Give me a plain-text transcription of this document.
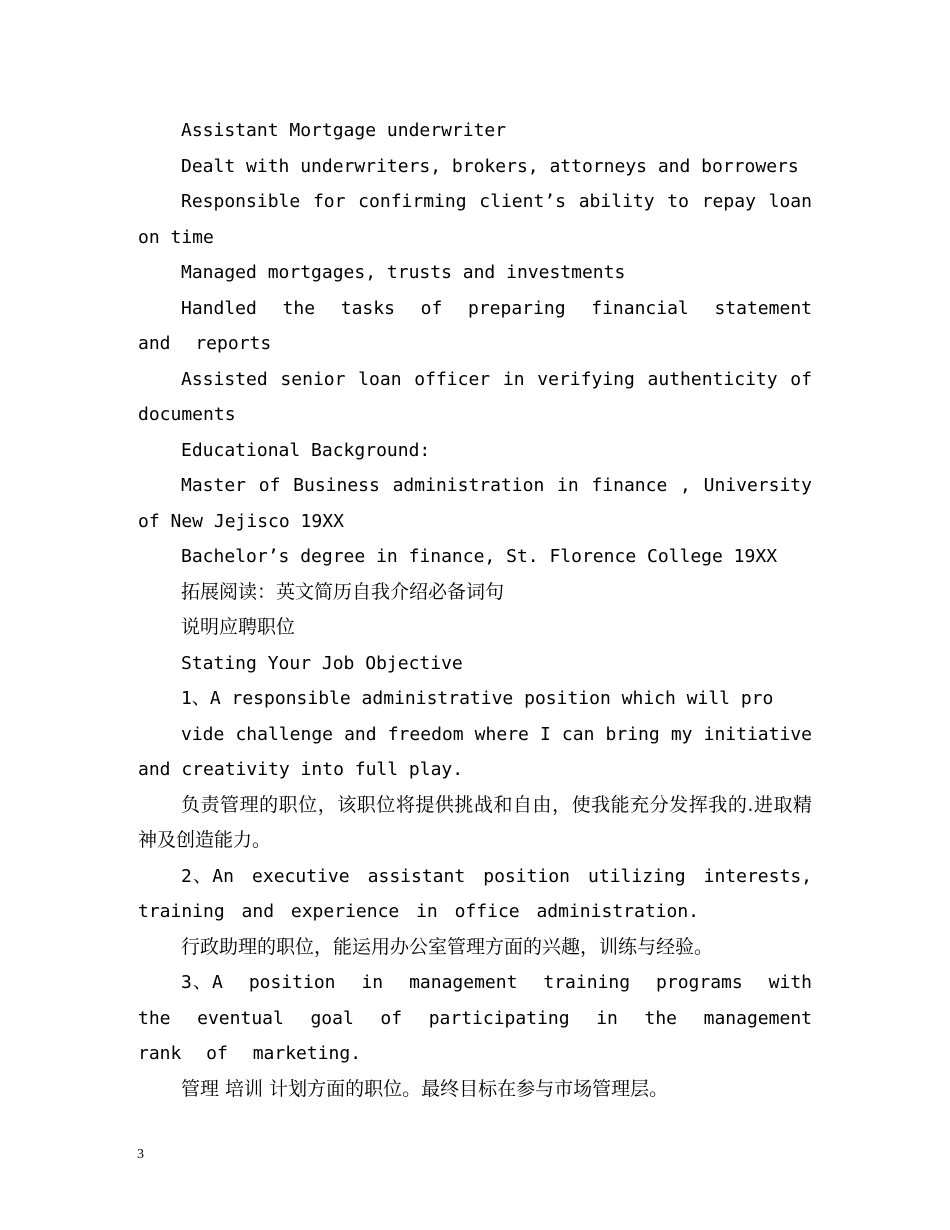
Assistant Mortgage underwriter

Dealt with underwriters, brokers, attorneys and borrowers

Responsible for confirming client’s ability to repay loan on time

Managed mortgages, trusts and investments

Handled the tasks of preparing financial statement and reports

Assisted senior loan officer in verifying authenticity of documents

Educational Background:

Master of Business administration in finance , University of New Jejisco 19XX

Bachelor’s degree in finance, St. Florence College 19XX

拓展阅读：英文简历自我介绍必备词句

说明应聘职位

Stating Your Job Objective

1、A responsible administrative position which will pro

vide challenge and freedom where I can bring my initiative and creativity into full play.

负责管理的职位，该职位将提供挑战和自由，使我能充分发挥我的.进取精神及创造能力。

2、An executive assistant position utilizing interests, training and experience in office administration.

行政助理的职位，能运用办公室管理方面的兴趣，训练与经验。

3、A position in management training programs with the eventual goal of participating in the management rank of marketing.

管理 培训 计划方面的职位。最终目标在参与市场管理层。

3
